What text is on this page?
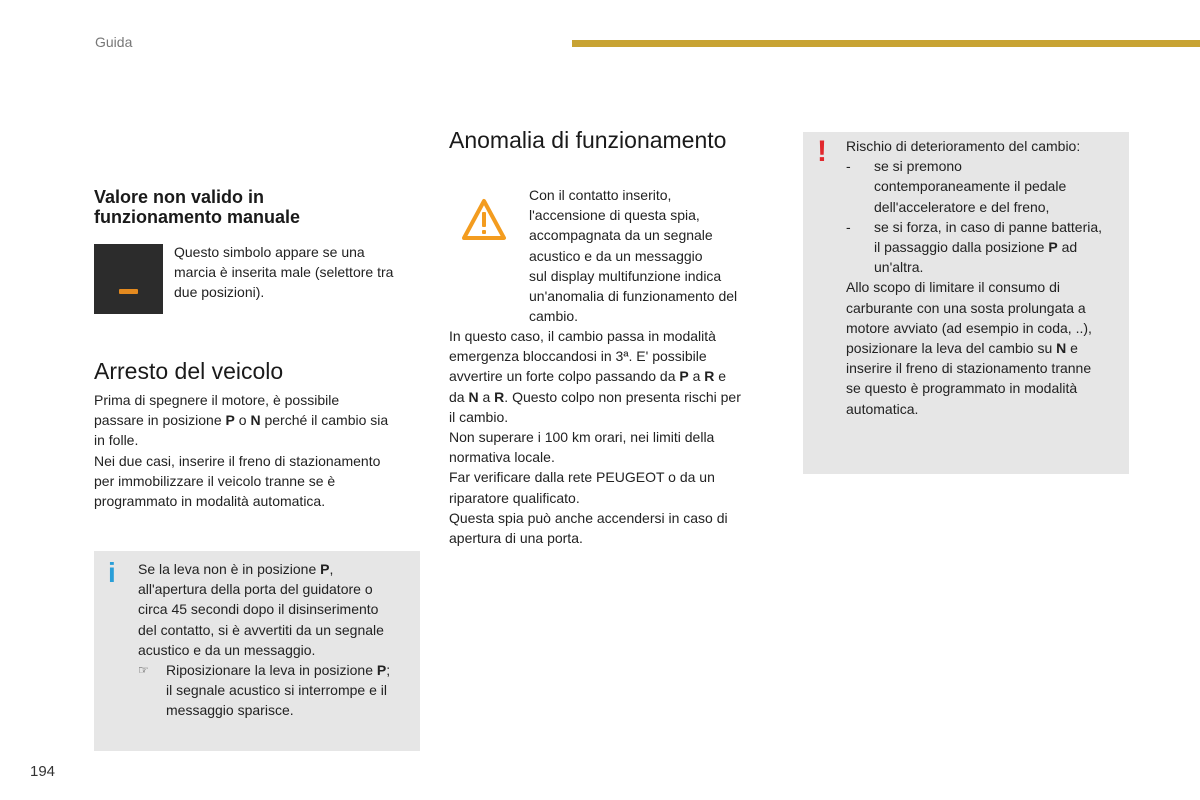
Guida
Valore non valido in
funzionamento manuale
Questo simbolo appare se una
marcia è inserita male (selettore tra
due posizioni).
Arresto del veicolo
Prima di spegnere il motore, è possibile
passare in posizione P o N perché il cambio sia
in folle.
Nei due casi, inserire il freno di stazionamento
per immobilizzare il veicolo tranne se è
programmato in modalità automatica.
i Se la leva non è in posizione P,
all'apertura della porta del guidatore o
circa 45 secondi dopo il disinserimento
del contatto, si è avvertiti da un segnale
acustico e da un messaggio.
☞ Riposizionare la leva in posizione P;
il segnale acustico si interrompe e il
messaggio sparisce.
194
Anomalia di funzionamento
Con il contatto inserito,
l'accensione di questa spia,
accompagnata da un segnale
acustico e da un messaggio
sul display multifunzione indica
un'anomalia di funzionamento del
cambio.
In questo caso, il cambio passa in modalità
emergenza bloccandosi in 3ª. E' possibile
avvertire un forte colpo passando da P a R e
da N a R. Questo colpo non presenta rischi per
il cambio.
Non superare i 100 km orari, nei limiti della
normativa locale.
Far verificare dalla rete PEUGEOT o da un
riparatore qualificato.
Questa spia può anche accendersi in caso di
apertura di una porta.
! Rischio di deterioramento del cambio:
- se si premono
contemporaneamente il pedale
dell'acceleratore e del freno,
- se si forza, in caso di panne batteria,
il passaggio dalla posizione P ad
un'altra.
Allo scopo di limitare il consumo di
carburante con una sosta prolungata a
motore avviato (ad esempio in coda, ..),
posizionare la leva del cambio su N e
inserire il freno di stazionamento tranne
se questo è programmato in modalità
automatica.
